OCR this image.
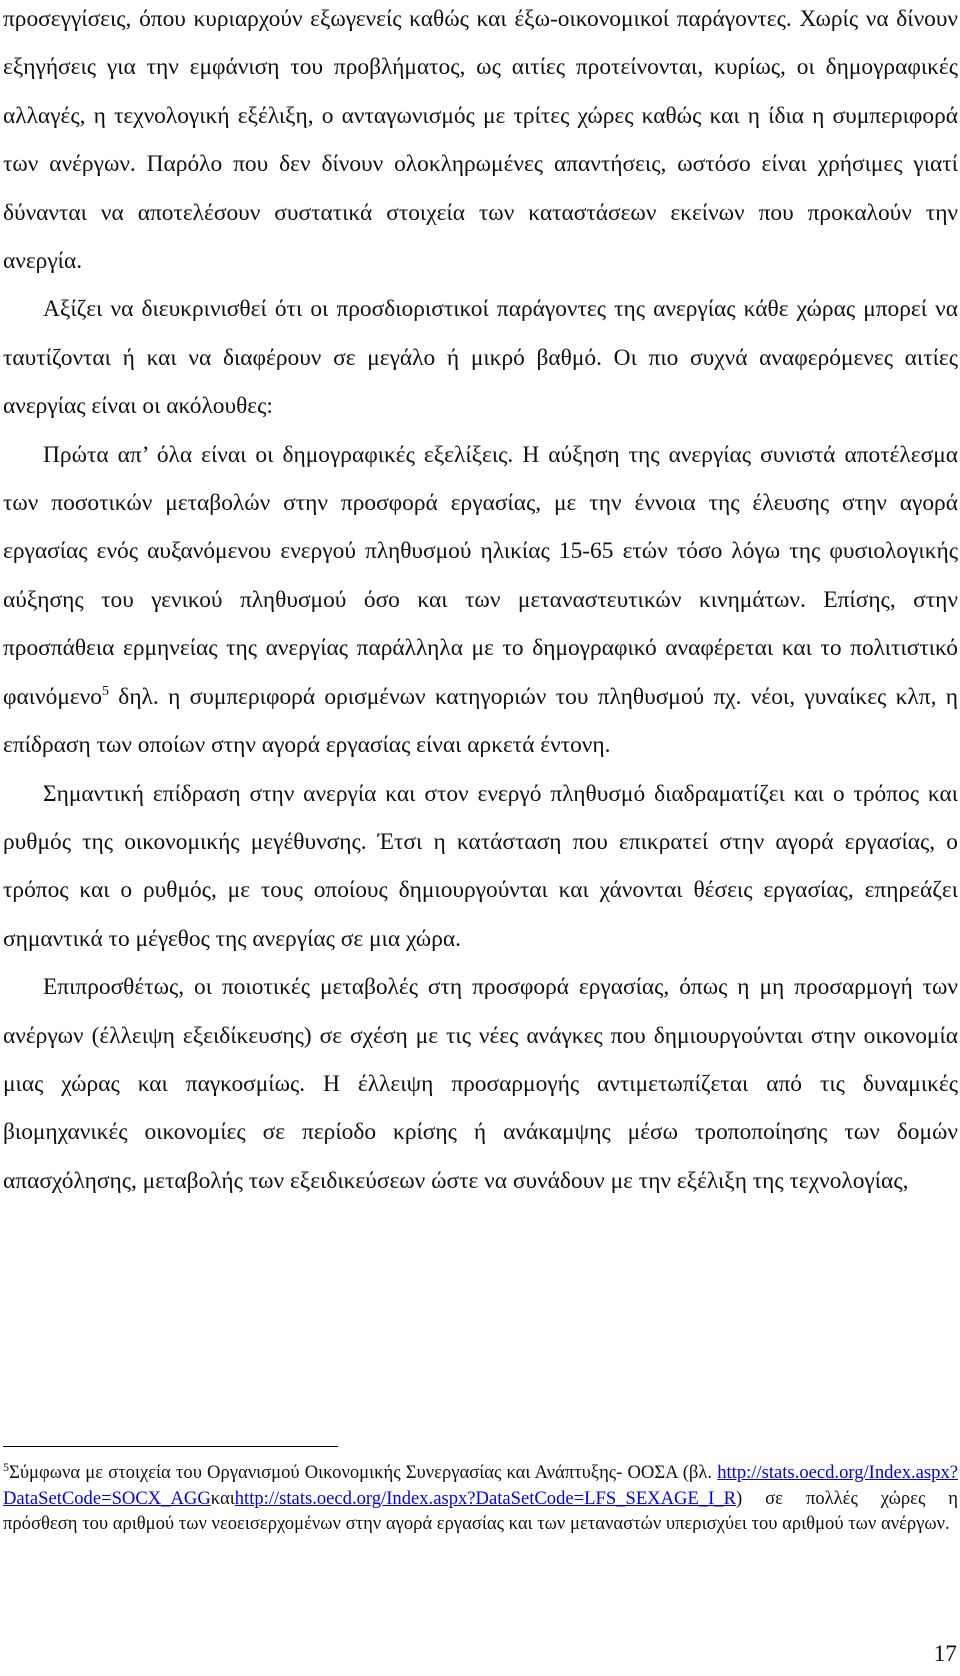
προσεγγίσεις, όπου κυριαρχούν εξωγενείς καθώς και έξω-οικονομικοί παράγοντες. Χωρίς να δίνουν εξηγήσεις για την εμφάνιση του προβλήματος, ως αιτίες προτείνονται, κυρίως, οι δημογραφικές αλλαγές, η τεχνολογική εξέλιξη, ο ανταγωνισμός με τρίτες χώρες καθώς και η ίδια η συμπεριφορά των ανέργων. Παρόλο που δεν δίνουν ολοκληρωμένες απαντήσεις, ωστόσο είναι χρήσιμες γιατί δύνανται να αποτελέσουν συστατικά στοιχεία των καταστάσεων εκείνων που προκαλούν την ανεργία.

Αξίζει να διευκρινισθεί ότι οι προσδιοριστικοί παράγοντες της ανεργίας κάθε χώρας μπορεί να ταυτίζονται ή και να διαφέρουν σε μεγάλο ή μικρό βαθμό. Οι πιο συχνά αναφερόμενες αιτίες ανεργίας είναι οι ακόλουθες:

Πρώτα απ’ όλα είναι οι δημογραφικές εξελίξεις. Η αύξηση της ανεργίας συνιστά αποτέλεσμα των ποσοτικών μεταβολών στην προσφορά εργασίας, με την έννοια της έλευσης στην αγορά εργασίας ενός αυξανόμενου ενεργού πληθυσμού ηλικίας 15-65 ετών τόσο λόγω της φυσιολογικής αύξησης του γενικού πληθυσμού όσο και των μεταναστευτικών κινημάτων. Επίσης, στην προσπάθεια ερμηνείας της ανεργίας παράλληλα με το δημογραφικό αναφέρεται και το πολιτιστικό φαινόμενο$^5$ δηλ. η συμπεριφορά ορισμένων κατηγοριών του πληθυσμού πχ. νέοι, γυναίκες κλπ, η επίδραση των οποίων στην αγορά εργασίας είναι αρκετά έντονη.

Σημαντική επίδραση στην ανεργία και στον ενεργό πληθυσμό διαδραματίζει και ο τρόπος και ρυθμός της οικονομικής μεγέθυνσης. Έτσι η κατάσταση που επικρατεί στην αγορά εργασίας, ο τρόπος και ο ρυθμός, με τους οποίους δημιουργούνται και χάνονται θέσεις εργασίας, επηρεάζει σημαντικά το μέγεθος της ανεργίας σε μια χώρα.

Επιπροσθέτως, οι ποιοτικές μεταβολές στη προσφορά εργασίας, όπως η μη προσαρμογή των ανέργων (έλλειψη εξειδίκευσης) σε σχέση με τις νέες ανάγκες που δημιουργούνται στην οικονομία μιας χώρας και παγκοσμίως. Η έλλειψη προσαρμογής αντιμετωπίζεται από τις δυναμικές βιομηχανικές οικονομίες σε περίοδο κρίσης ή ανάκαμψης μέσω τροποποίησης των δομών απασχόλησης, μεταβολής των εξειδικεύσεων ώστε να συνάδουν με την εξέλιξη της τεχνολογίας,

$^5$Σύμφωνα με στοιχεία του Οργανισμού Οικονομικής Συνεργασίας και Ανάπτυξης- ΟΟΣΑ (βλ. http://stats.oecd.org/Index.aspx?DataSetCode=SOCX_AGGκαιhttp://stats.oecd.org/Index.aspx?DataSetCode=LFS_SEXAGE_I_R) σε πολλές χώρες η πρόσθεση του αριθμού των νεοεισερχομένων στην αγορά εργασίας και των μεταναστών υπερισχύει του αριθμού των ανέργων.

17
